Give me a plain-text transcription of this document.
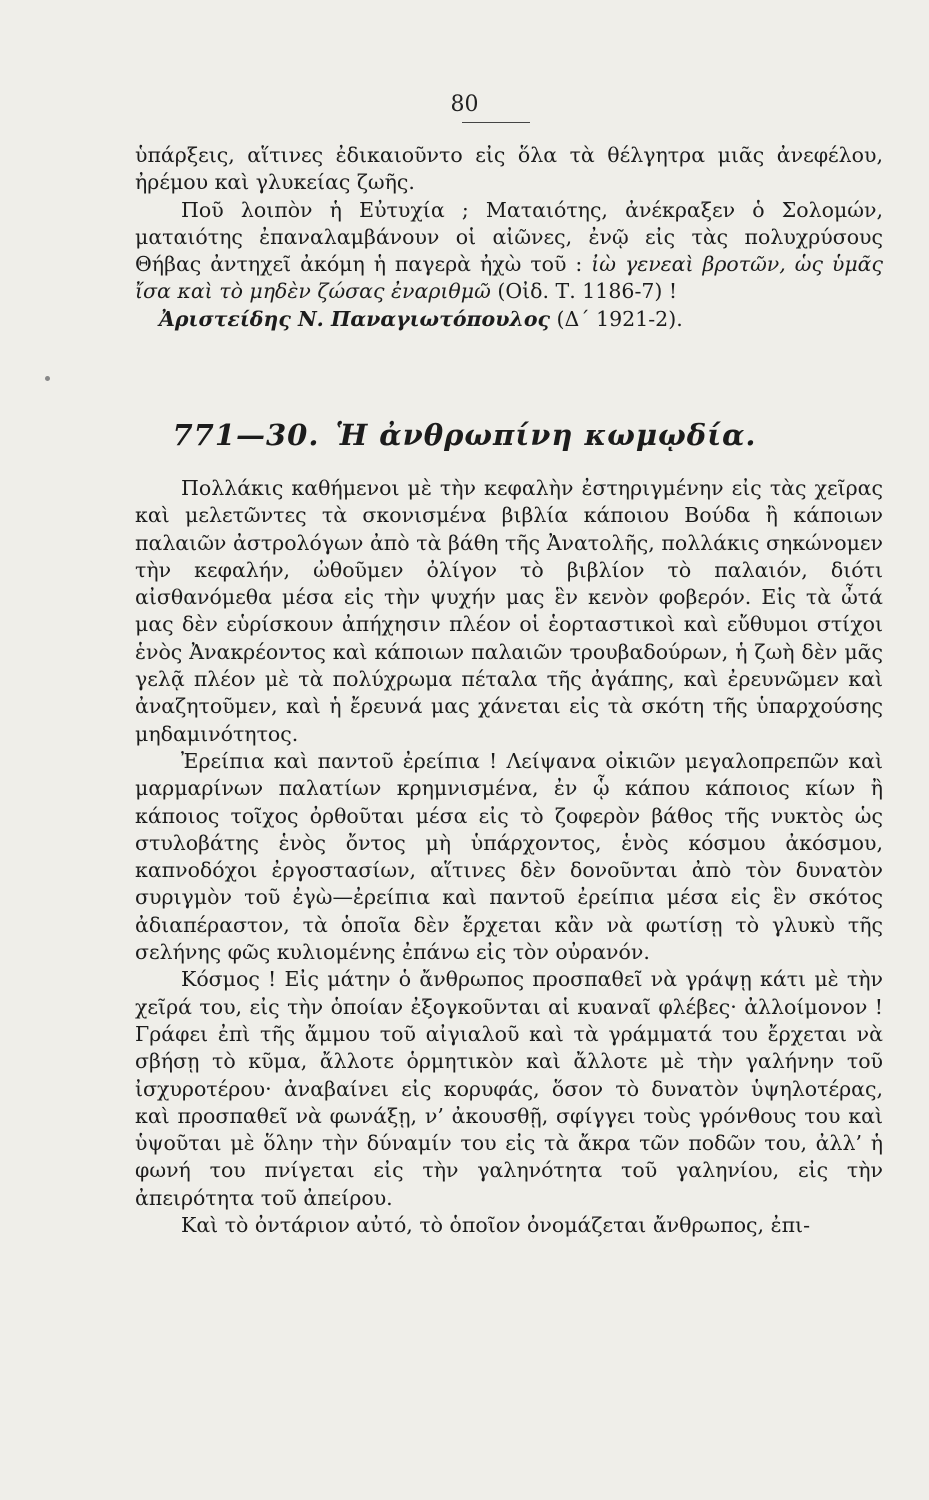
80

ὑπάρξεις, αἵτινες ἐδικαιοῦντο εἰς ὅλα τὰ θέλγητρα μιᾶς ἀνεφέλου, ἠρέμου καὶ γλυκείας ζωῆς.

Ποῦ λοιπὸν ἡ Εὐτυχία ; Ματαιότης, ἀνέκραξεν ὁ Σολομών, ματαιότης ἐπαναλαμβάνουν οἱ αἰῶνες, ἐνῷ εἰς τὰς πολυχρύσους Θήβας ἀντηχεῖ ἀκόμη ἡ παγερὰ ἠχὼ τοῦ : ἰὼ γενεαὶ βροτῶν, ὡς ὑμᾶς ἴσα καὶ τὸ μηδὲν ζώσας ἐναριθμῶ (Οἰδ. Τ. 1186-7) !

Ἀριστείδης Ν. Παναγιωτόπουλος (Δ΄ 1921-2).

771—30. Ἡ ἀνθρωπίνη κωμῳδία.

Πολλάκις καθήμενοι μὲ τὴν κεφαλὴν ἐστηριγμένην εἰς τὰς χεῖρας καὶ μελετῶντες τὰ σκονισμένα βιβλία κάποιου Βούδα ἢ κάποιων παλαιῶν ἀστρολόγων ἀπὸ τὰ βάθη τῆς Ἀνατολῆς, πολλάκις σηκώνομεν τὴν κεφαλήν, ὠθοῦμεν ὀλίγον τὸ βιβλίον τὸ παλαιόν, διότι αἰσθανόμεθα μέσα εἰς τὴν ψυχήν μας ἓν κενὸν φοβερόν. Εἰς τὰ ὦτά μας δὲν εὑρίσκουν ἀπήχησιν πλέον οἱ ἑορταστικοὶ καὶ εὔθυμοι στίχοι ἑνὸς Ἀνακρέοντος καὶ κάποιων παλαιῶν τρουβαδούρων, ἡ ζωὴ δὲν μᾶς γελᾷ πλέον μὲ τὰ πολύχρωμα πέταλα τῆς ἀγάπης, καὶ ἐρευνῶμεν καὶ ἀναζητοῦμεν, καὶ ἡ ἔρευνά μας χάνεται εἰς τὰ σκότη τῆς ὑπαρχούσης μηδαμινότητος.

Ἐρείπια καὶ παντοῦ ἐρείπια ! Λείψανα οἰκιῶν μεγαλοπρεπῶν καὶ μαρμαρίνων παλατίων κρημνισμένα, ἐν ᾧ κάπου κάποιος κίων ἢ κάποιος τοῖχος ὀρθοῦται μέσα εἰς τὸ ζοφερὸν βάθος τῆς νυκτὸς ὡς στυλοβάτης ἑνὸς ὄντος μὴ ὑπάρχοντος, ἑνὸς κόσμου ἀκόσμου, καπνοδόχοι ἐργοστασίων, αἵτινες δὲν δονοῦνται ἀπὸ τὸν δυνατὸν συριγμὸν τοῦ ἐγὼ—ἐρείπια καὶ παντοῦ ἐρείπια μέσα εἰς ἓν σκότος ἀδιαπέραστον, τὰ ὁποῖα δὲν ἔρχεται κἂν νὰ φωτίσῃ τὸ γλυκὺ τῆς σελήνης φῶς κυλιομένης ἐπάνω εἰς τὸν οὐρανόν.

Κόσμος ! Εἰς μάτην ὁ ἄνθρωπος προσπαθεῖ νὰ γράψῃ κάτι μὲ τὴν χεῖρά του, εἰς τὴν ὁποίαν ἐξογκοῦνται αἱ κυαναῖ φλέβες· ἀλλοίμονον ! Γράφει ἐπὶ τῆς ἄμμου τοῦ αἰγιαλοῦ καὶ τὰ γράμματά του ἔρχεται νὰ σβήσῃ τὸ κῦμα, ἄλλοτε ὁρμητικὸν καὶ ἄλλοτε μὲ τὴν γαλήνην τοῦ ἰσχυροτέρου· ἀναβαίνει εἰς κορυφάς, ὅσον τὸ δυνατὸν ὑψηλοτέρας, καὶ προσπαθεῖ νὰ φωνάξῃ, ν’ ἀκουσθῇ, σφίγγει τοὺς γρόνθους του καὶ ὑψοῦται μὲ ὅλην τὴν δύναμίν του εἰς τὰ ἄκρα τῶν ποδῶν του, ἀλλ’ ἡ φωνή του πνίγεται εἰς τὴν γαληνότητα τοῦ γαληνίου, εἰς τὴν ἀπειρότητα τοῦ ἀπείρου.

Καὶ τὸ ὀντάριον αὐτό, τὸ ὁποῖον ὀνομάζεται ἄνθρωπος, ἐπι-
